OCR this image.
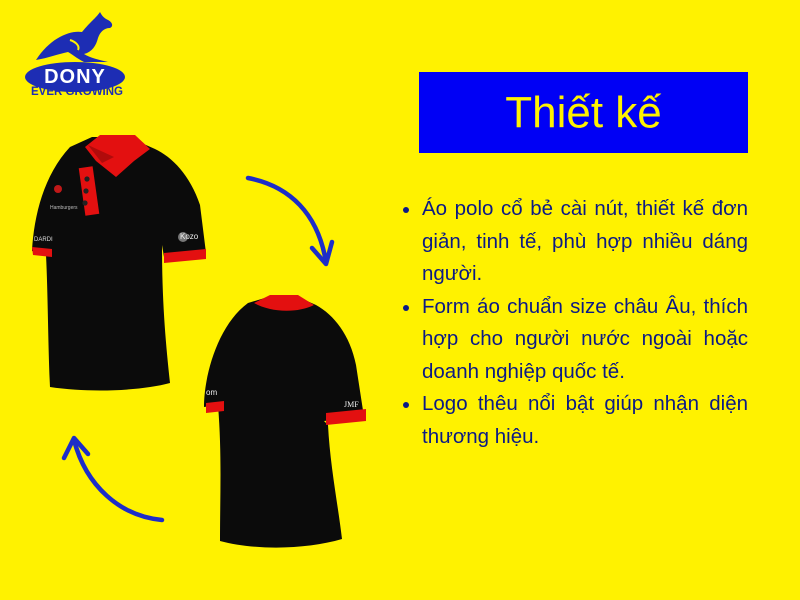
DONY
EVER GROWING	Thiết kế
Hamburgers
DARDI	Kozo
om
JMF
Áo polo cổ bẻ cài nút, thiết kế đơn giản, tinh tế, phù hợp nhiều dáng người.
Form áo chuẩn size châu Âu, thích hợp cho người nước ngoài hoặc doanh nghiệp quốc tế.
Logo thêu nổi bật giúp nhận diện thương hiệu.
